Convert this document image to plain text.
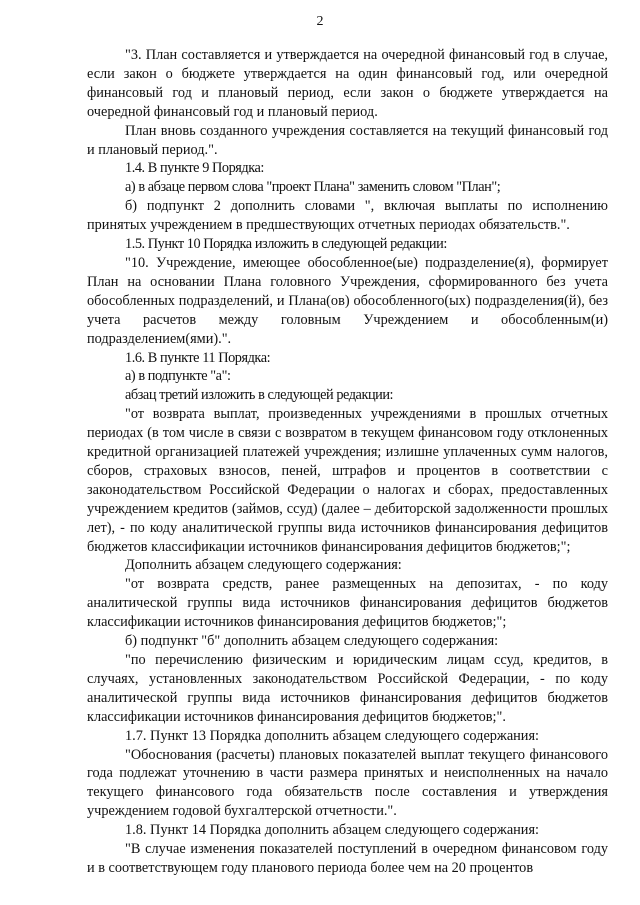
2

"3. План составляется и утверждается на очередной финансовый год в случае, если закон о бюджете утверждается на один финансовый год, или очередной финансовый год и плановый период, если закон о бюджете утверждается на очередной финансовый год и плановый период.

План вновь созданного учреждения составляется на текущий финансовый год и плановый период.".

1.4. В пункте 9 Порядка:

а) в абзаце первом слова "проект Плана" заменить словом "План";

б) подпункт 2 дополнить словами ", включая выплаты по исполнению принятых учреждением в предшествующих отчетных периодах обязательств.".

1.5. Пункт 10 Порядка изложить в следующей редакции:

"10. Учреждение, имеющее обособленное(ые) подразделение(я), формирует План на основании Плана головного Учреждения, сформированного без учета обособленных подразделений, и Плана(ов) обособленного(ых) подразделения(й), без учета расчетов между головным Учреждением и обособленным(и) подразделением(ями).".

1.6. В пункте 11 Порядка:

а) в подпункте "а":

абзац третий изложить в следующей редакции:

"от возврата выплат, произведенных учреждениями в прошлых отчетных периодах (в том числе в связи с возвратом в текущем финансовом году отклоненных кредитной организацией платежей учреждения; излишне уплаченных сумм налогов, сборов, страховых взносов, пеней, штрафов и процентов в соответствии с законодательством Российской Федерации о налогах и сборах, предоставленных учреждением кредитов (займов, ссуд) (далее – дебиторской задолженности прошлых лет), - по коду аналитической группы вида источников финансирования дефицитов бюджетов классификации источников финансирования дефицитов бюджетов;";

Дополнить абзацем следующего содержания:

"от возврата средств, ранее размещенных на депозитах, - по коду аналитической группы вида источников финансирования дефицитов бюджетов классификации источников финансирования дефицитов бюджетов;";

б) подпункт "б" дополнить абзацем следующего содержания:

"по перечислению физическим и юридическим лицам ссуд, кредитов, в случаях, установленных законодательством Российской Федерации, - по коду аналитической группы вида источников финансирования дефицитов бюджетов классификации источников финансирования дефицитов бюджетов;".

1.7. Пункт 13 Порядка дополнить абзацем следующего содержания:

"Обоснования (расчеты) плановых показателей выплат текущего финансового года подлежат уточнению в части размера принятых и неисполненных на начало текущего финансового года обязательств после составления и утверждения учреждением годовой бухгалтерской отчетности.".

1.8. Пункт 14 Порядка дополнить абзацем следующего содержания:

"В случае изменения показателей поступлений в очередном финансовом году и в соответствующем году планового периода более чем на 20 процентов
